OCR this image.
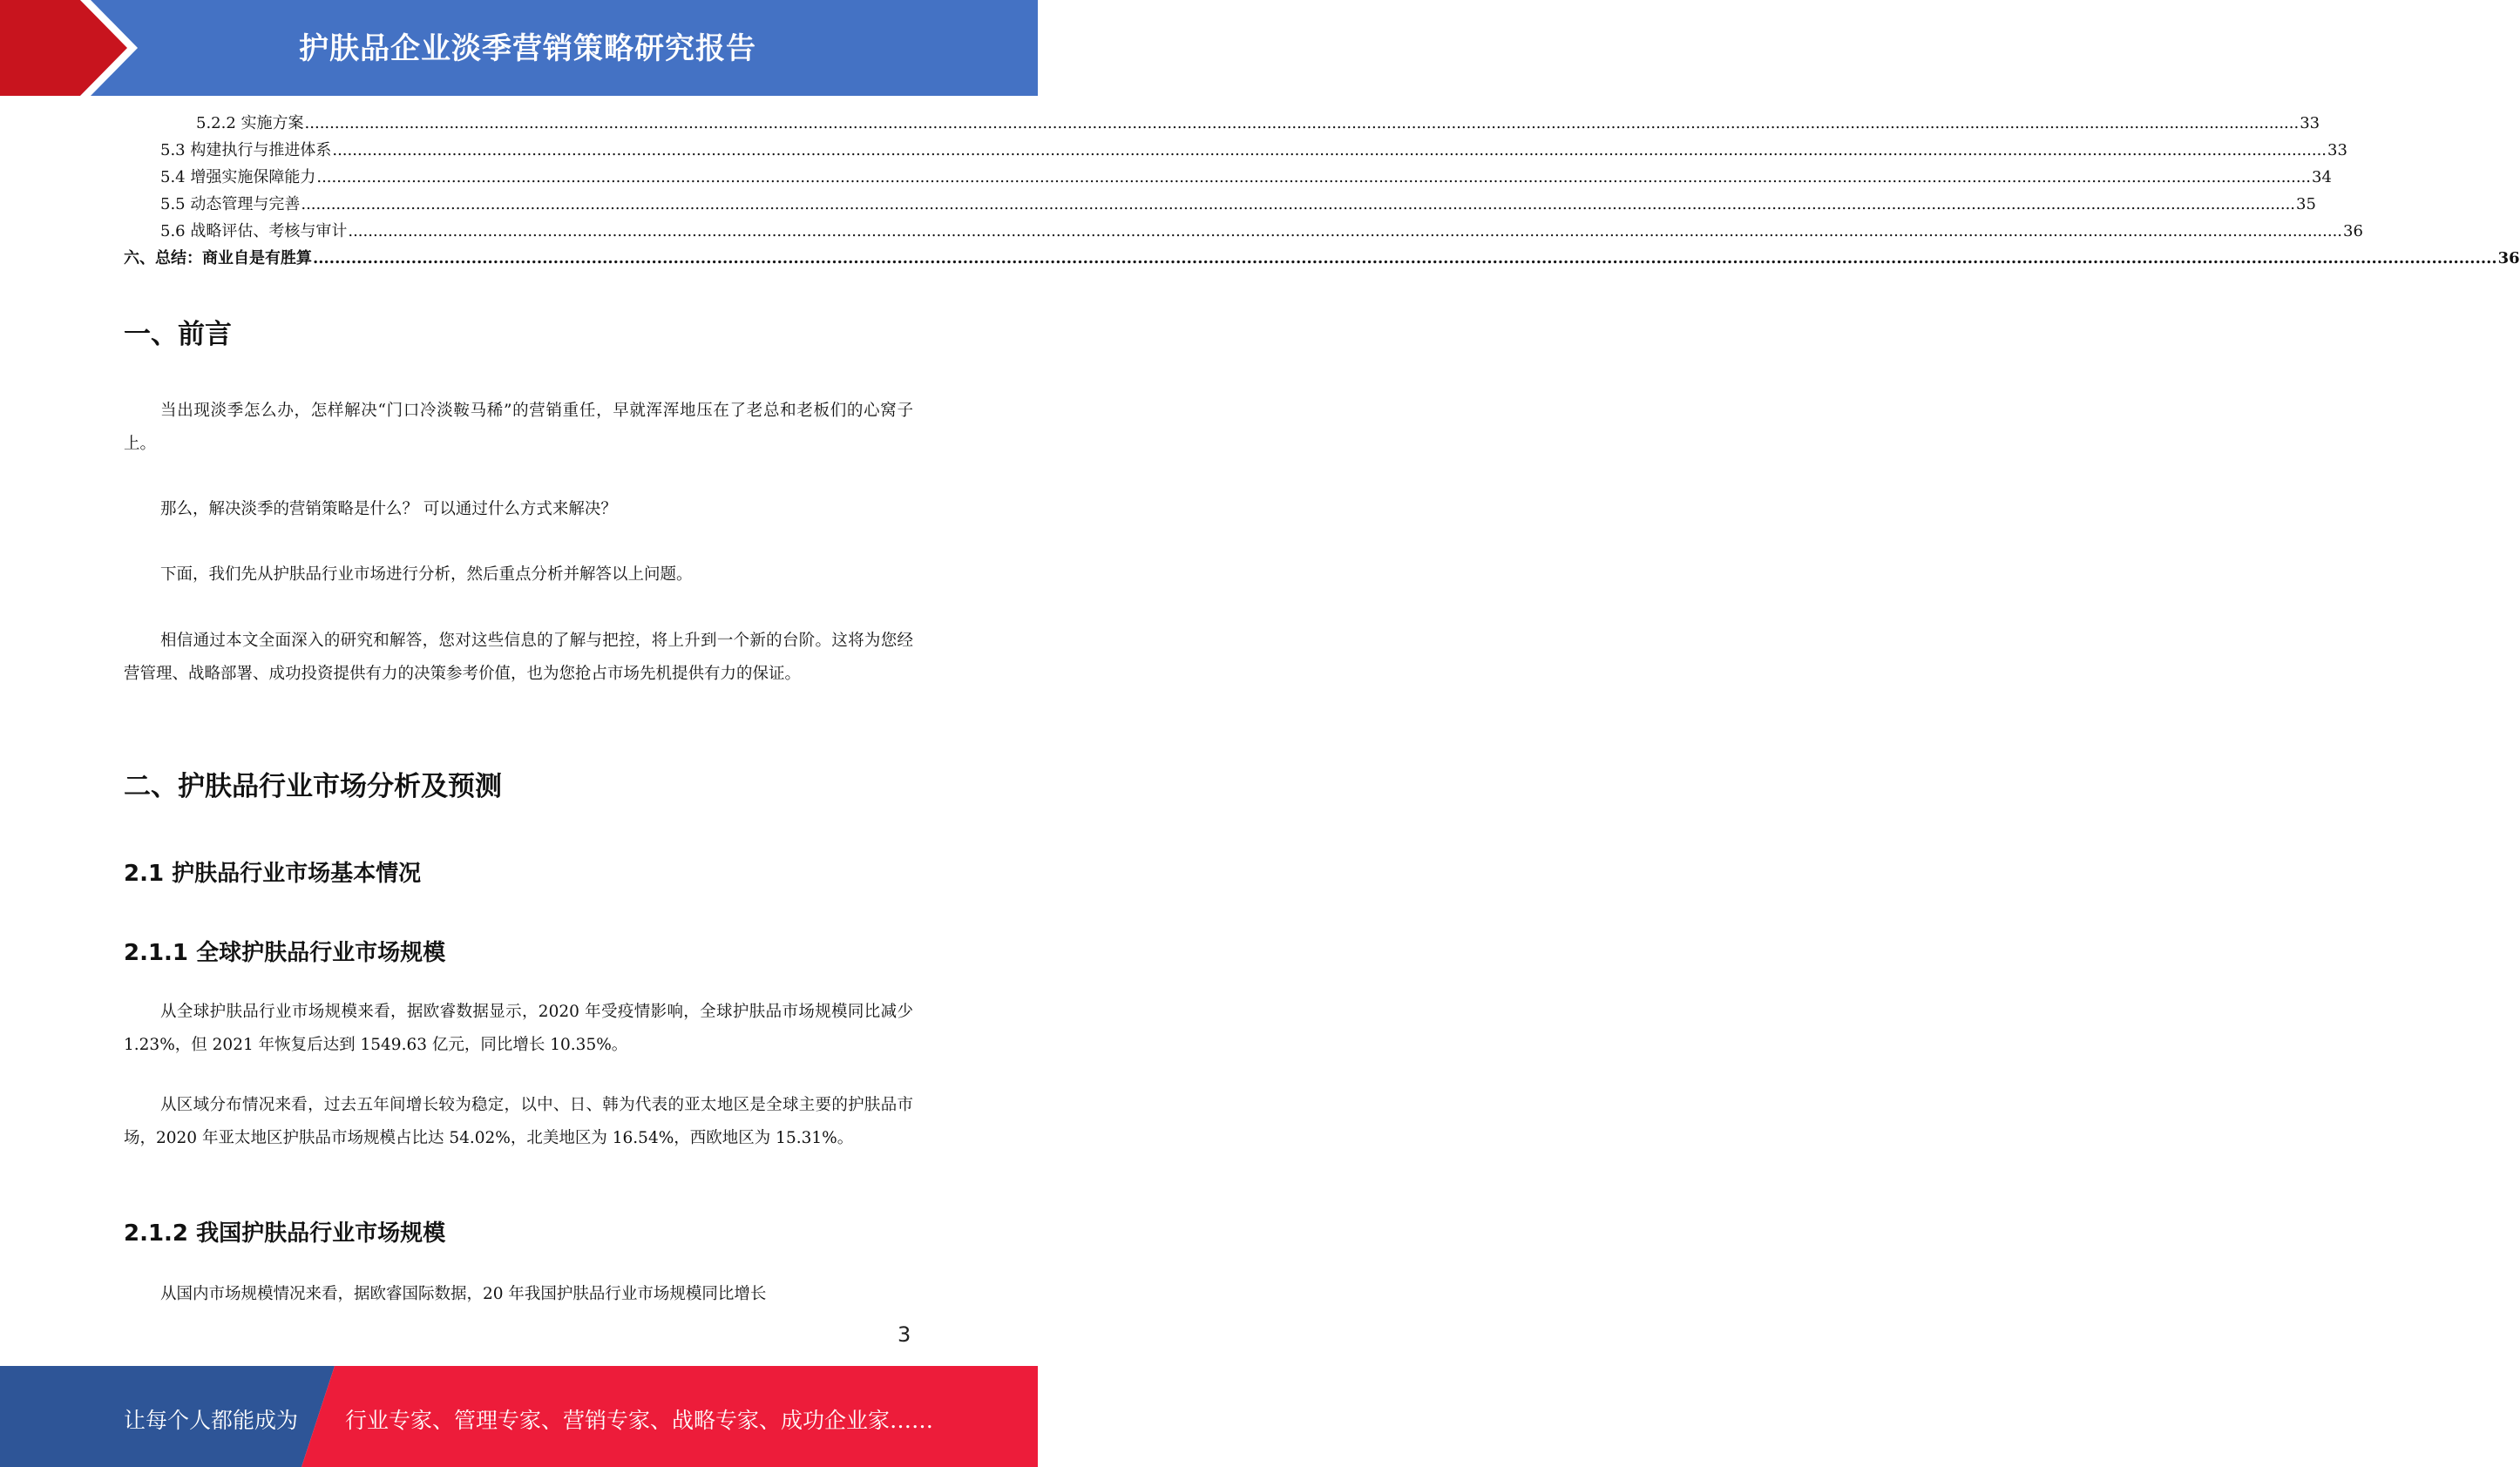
护肤品企业淡季营销策略研究报告
5.2.2 实施方案 ................................................................................................................................................................................................................................................................................................................................................................................................................ 33
5.3 构建执行与推进体系 ................................................................................................................................................................................................................................................................................................................................................................................................................ 33
5.4 增强实施保障能力 ................................................................................................................................................................................................................................................................................................................................................................................................................ 34
5.5 动态管理与完善 ................................................................................................................................................................................................................................................................................................................................................................................................................ 35
5.6 战略评估、考核与审计 ................................................................................................................................................................................................................................................................................................................................................................................................................ 36
六、总结：商业自是有胜算 ................................................................................................................................................................................................................................................................................................................................................................................................................ 36
一、前言

当出现淡季怎么办，怎样解决“门口冷淡鞍马稀”的营销重任，早就浑浑地压在了老总和老板们的心窝子上。

那么，解决淡季的营销策略是什么？ 可以通过什么方式来解决？

下面，我们先从护肤品行业市场进行分析，然后重点分析并解答以上问题。

相信通过本文全面深入的研究和解答，您对这些信息的了解与把控，将上升到一个新的台阶。这将为您经营管理、战略部署、成功投资提供有力的决策参考价值，也为您抢占市场先机提供有力的保证。

二、护肤品行业市场分析及预测
2.1 护肤品行业市场基本情况
2.1.1 全球护肤品行业市场规模

从全球护肤品行业市场规模来看，据欧睿数据显示，2020 年受疫情影响，全球护肤品市场规模同比减少 1.23%，但 2021 年恢复后达到 1549.63 亿元，同比增长 10.35%。

从区域分布情况来看，过去五年间增长较为稳定，以中、日、韩为代表的亚太地区是全球主要的护肤品市场，2020 年亚太地区护肤品市场规模占比达 54.02%，北美地区为 16.54%，西欧地区为 15.31%。

2.1.2 我国护肤品行业市场规模

从国内市场规模情况来看，据欧睿国际数据，20 年我国护肤品行业市场规模同比增长

3
让每个人都能成为 行业专家、管理专家、营销专家、战略专家、成功企业家……
